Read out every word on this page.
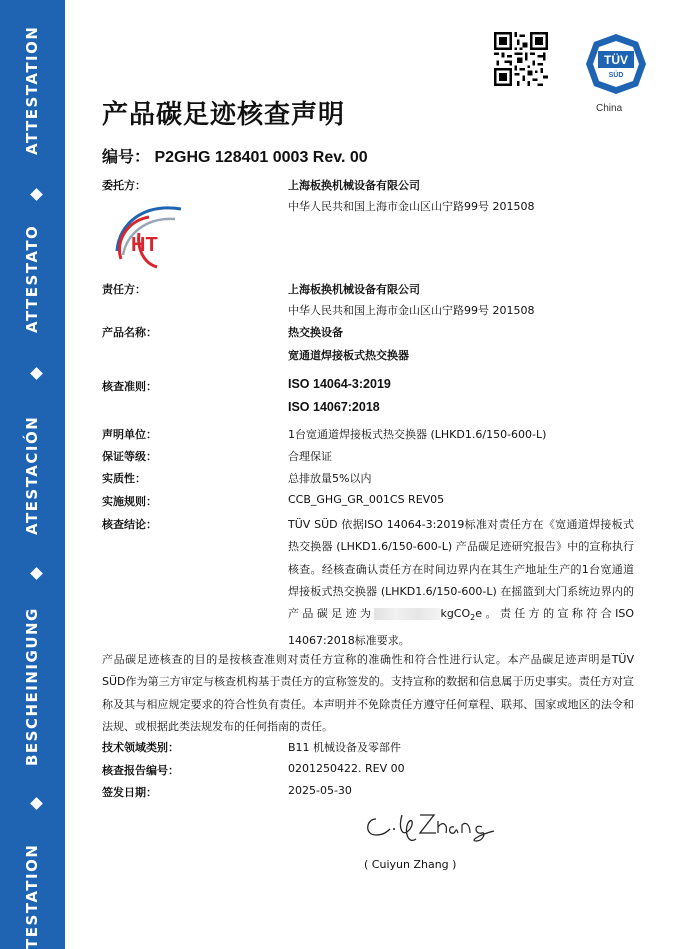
ATTESTATION
ATTESTATO
ATESTACIÓN
BESCHEINIGUNG
TESTATION
TÜV
SÜD
China
产品碳足迹核查声明
编号： P2GHG 128401 0003 Rev. 00
委托方：	上海板换机械设备有限公司
中华人民共和国上海市金山区山宁路99号 201508
HT
责任方：	上海板换机械设备有限公司
中华人民共和国上海市金山区山宁路99号 201508
产品名称：	热交换设备
宽通道焊接板式热交换器
核查准则：	ISO 14064-3:2019
ISO 14067:2018
声明单位：	1台宽通道焊接板式热交换器 (LHKD1.6/150-600-L)
保证等级：	合理保证
实质性：	总排放量5%以内
实施规则：	CCB_GHG_GR_001CS REV05
核查结论：	TÜV SÜD 依据ISO 14064-3:2019标准对责任方在《宽通道焊接板式热交换器 (LHKD1.6/150-600-L) 产品碳足迹研究报告》中的宣称执行核查。经核查确认责任方在时间边界内在其生产地址生产的1台宽通道焊接板式热交换器 (LHKD1.6/150-600-L) 在摇篮到大门系统边界内的产品碳足迹为	kgCO$_2$e。责任方的宣称符合ISO 14067:2018标准要求。
产品碳足迹核查的目的是按核查准则对责任方宣称的准确性和符合性进行认定。本产品碳足迹声明是TÜV SÜD作为第三方审定与核查机构基于责任方的宣称签发的。支持宣称的数据和信息属于历史事实。责任方对宣称及其与相应规定要求的符合性负有责任。本声明并不免除责任方遵守任何章程、联邦、国家或地区的法令和法规、或根据此类法规发布的任何指南的责任。
技术领域类别：	B11 机械设备及零部件
核查报告编号：	0201250422. REV 00
签发日期：	2025-05-30
( Cuiyun Zhang )
